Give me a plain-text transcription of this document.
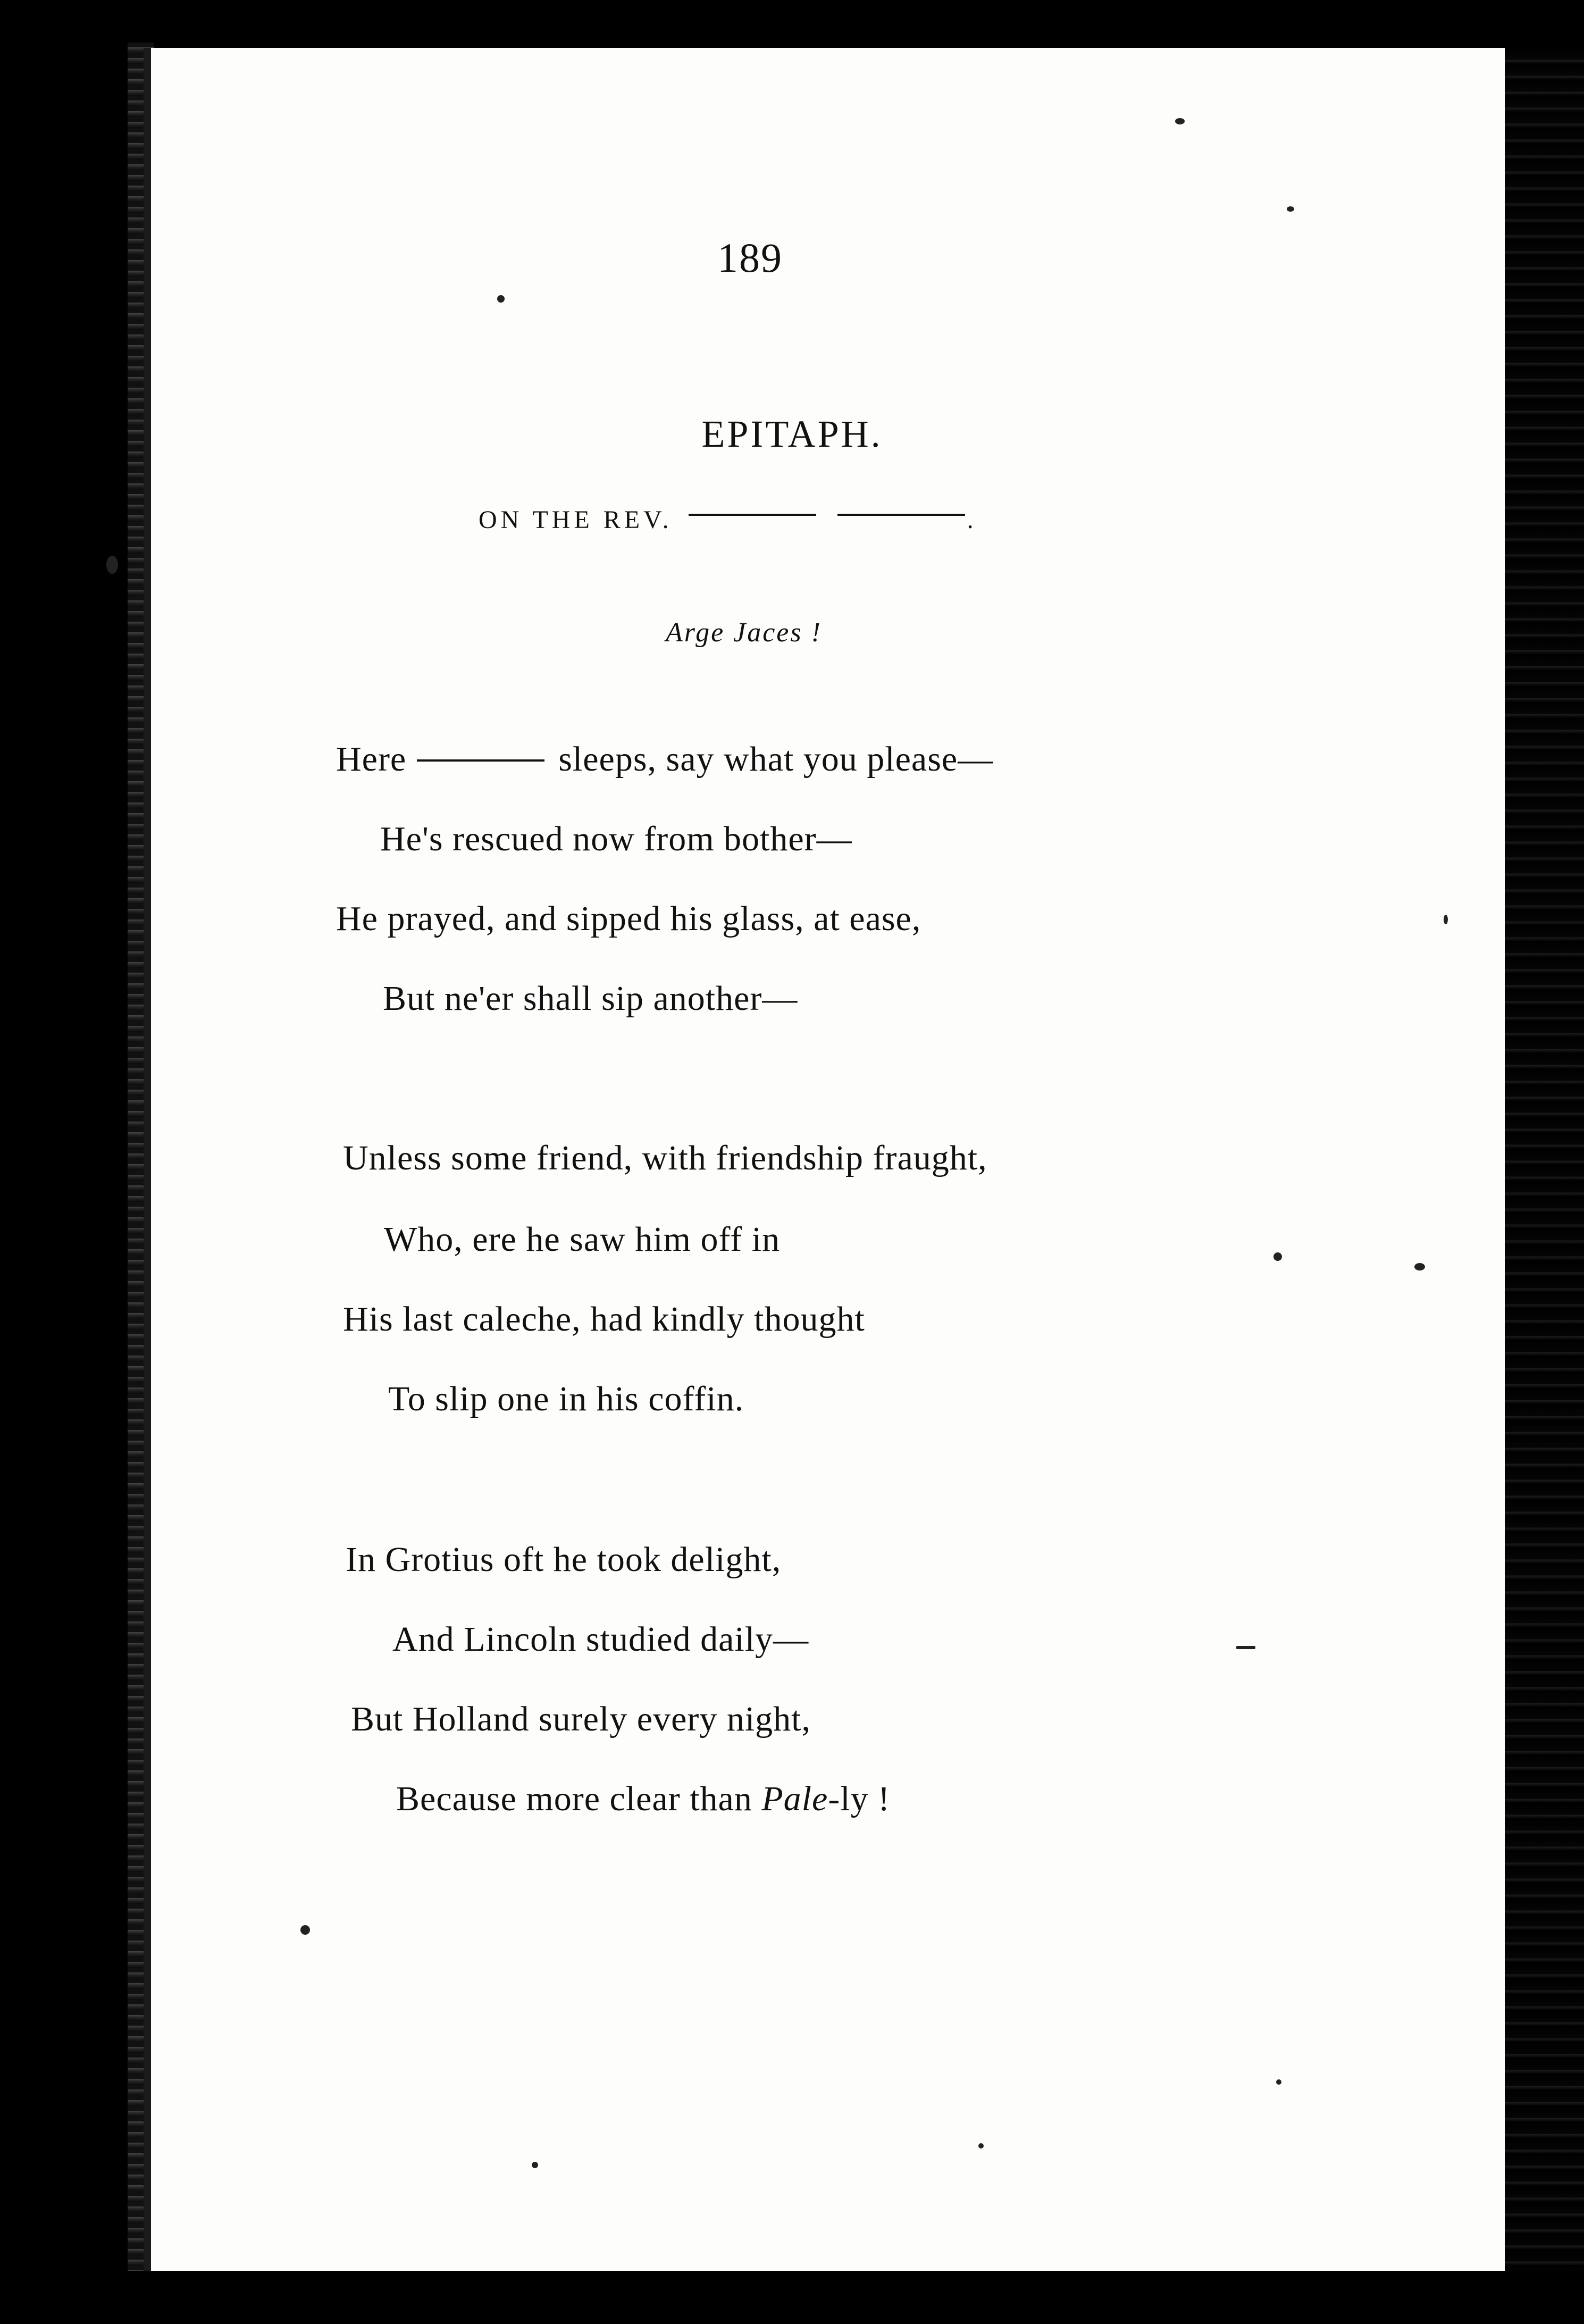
189
EPITAPH.
ON THE REV.	.
Arge Jaces !
Here	sleeps, say what you please—
He's rescued now from bother—
He prayed, and sipped his glass, at ease,
But ne'er shall sip another—
Unless some friend, with friendship fraught,
Who, ere he saw him off in
His last caleche, had kindly thought
To slip one in his coffin.
In Grotius oft he took delight,
And Lincoln studied daily—
But Holland surely every night,
Because more clear than Pale-ly !
